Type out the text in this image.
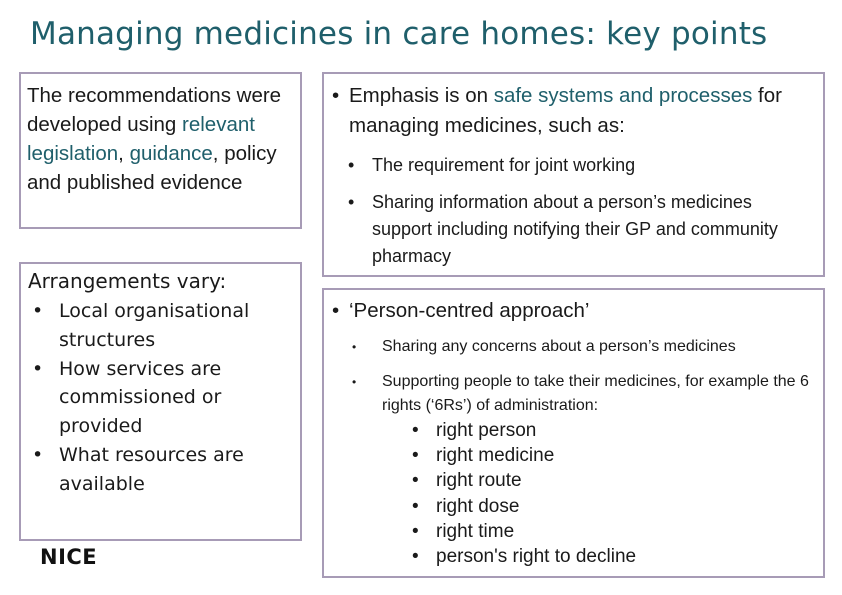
Managing medicines in care homes: key points
The recommendations were developed using relevant legislation, guidance, policy and published evidence
Arrangements vary:
• Local organisational structures
• How services are commissioned or provided
• What resources are available
NICE
• Emphasis is on safe systems and processes for managing medicines, such as:
• The requirement for joint working
• Sharing information about a person’s medicines support including notifying their GP and community pharmacy
• ‘Person-centred approach’
•	Sharing any concerns about a person’s medicines
•	Supporting people to take their medicines, for example the 6 rights (‘6Rs’) of administration:
• right person
• right medicine
• right route
• right dose
• right time
• person's right to decline
